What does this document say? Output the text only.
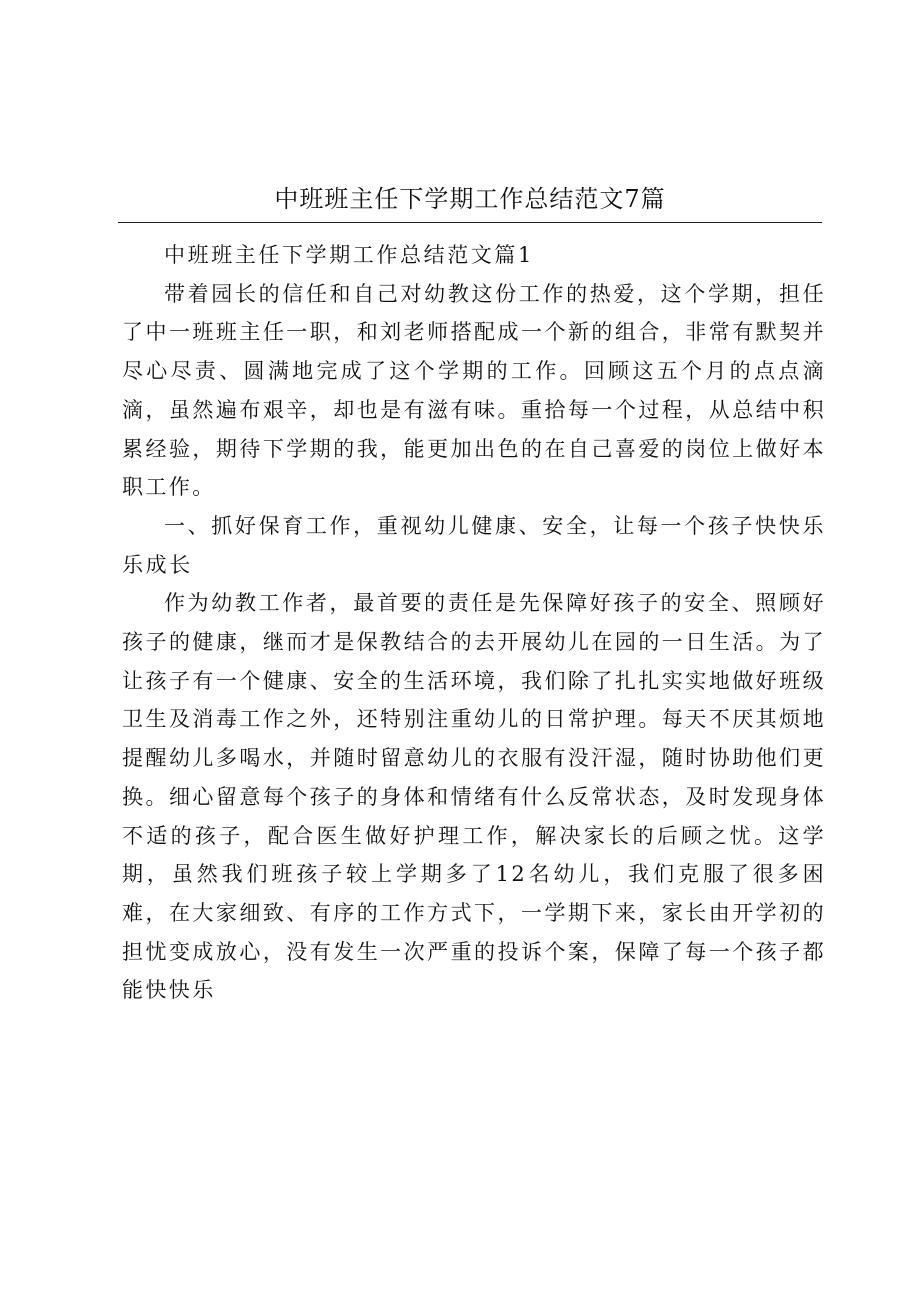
中班班主任下学期工作总结范文7篇

中班班主任下学期工作总结范文篇1

带着园长的信任和自己对幼教这份工作的热爱，这个学期，担任了中一班班主任一职，和刘老师搭配成一个新的组合，非常有默契并尽心尽责、圆满地完成了这个学期的工作。回顾这五个月的点点滴滴，虽然遍布艰辛，却也是有滋有味。重拾每一个过程，从总结中积累经验，期待下学期的我，能更加出色的在自己喜爱的岗位上做好本职工作。

一、抓好保育工作，重视幼儿健康、安全，让每一个孩子快快乐乐成长

作为幼教工作者，最首要的责任是先保障好孩子的安全、照顾好孩子的健康，继而才是保教结合的去开展幼儿在园的一日生活。为了让孩子有一个健康、安全的生活环境，我们除了扎扎实实地做好班级卫生及消毒工作之外，还特别注重幼儿的日常护理。每天不厌其烦地提醒幼儿多喝水，并随时留意幼儿的衣服有没汗湿，随时协助他们更换。细心留意每个孩子的身体和情绪有什么反常状态，及时发现身体不适的孩子，配合医生做好护理工作，解决家长的后顾之忧。这学期，虽然我们班孩子较上学期多了12名幼儿，我们克服了很多困难，在大家细致、有序的工作方式下，一学期下来，家长由开学初的担忧变成放心，没有发生一次严重的投诉个案，保障了每一个孩子都能快快乐
